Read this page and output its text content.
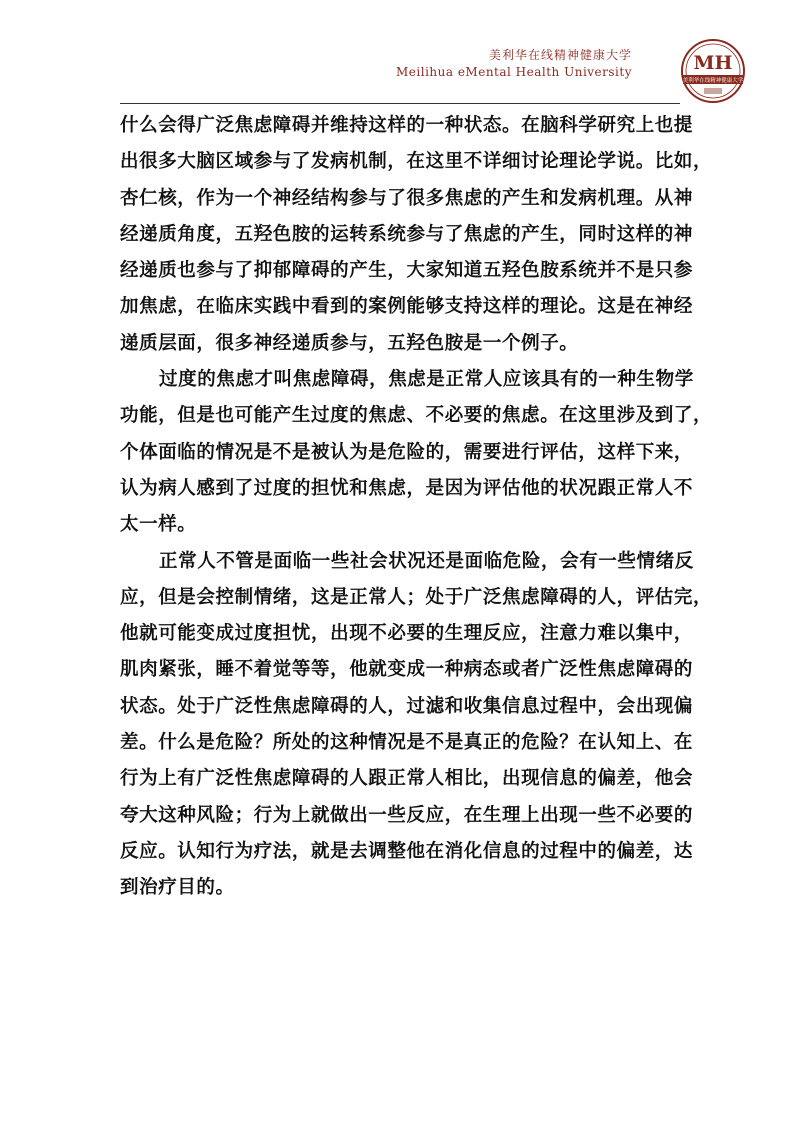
美利华在线精神健康大学
Meilihua eMental Health University	MH
美利华在线精神健康大学

什么会得广泛焦虑障碍并维持这样的一种状态。在脑科学研究上也提
出很多大脑区域参与了发病机制，在这里不详细讨论理论学说。比如，
杏仁核，作为一个神经结构参与了很多焦虑的产生和发病机理。从神
经递质角度，五羟色胺的运转系统参与了焦虑的产生，同时这样的神
经递质也参与了抑郁障碍的产生，大家知道五羟色胺系统并不是只参
加焦虑，在临床实践中看到的案例能够支持这样的理论。这是在神经
递质层面，很多神经递质参与，五羟色胺是一个例子。

过度的焦虑才叫焦虑障碍，焦虑是正常人应该具有的一种生物学
功能，但是也可能产生过度的焦虑、不必要的焦虑。在这里涉及到了，
个体面临的情况是不是被认为是危险的，需要进行评估，这样下来，
认为病人感到了过度的担忧和焦虑，是因为评估他的状况跟正常人不
太一样。

正常人不管是面临一些社会状况还是面临危险，会有一些情绪反
应，但是会控制情绪，这是正常人；处于广泛焦虑障碍的人，评估完，
他就可能变成过度担忧，出现不必要的生理反应，注意力难以集中，
肌肉紧张，睡不着觉等等，他就变成一种病态或者广泛性焦虑障碍的
状态。处于广泛性焦虑障碍的人，过滤和收集信息过程中，会出现偏
差。什么是危险？所处的这种情况是不是真正的危险？在认知上、在
行为上有广泛性焦虑障碍的人跟正常人相比，出现信息的偏差，他会
夸大这种风险；行为上就做出一些反应，在生理上出现一些不必要的
反应。认知行为疗法，就是去调整他在消化信息的过程中的偏差，达
到治疗目的。
